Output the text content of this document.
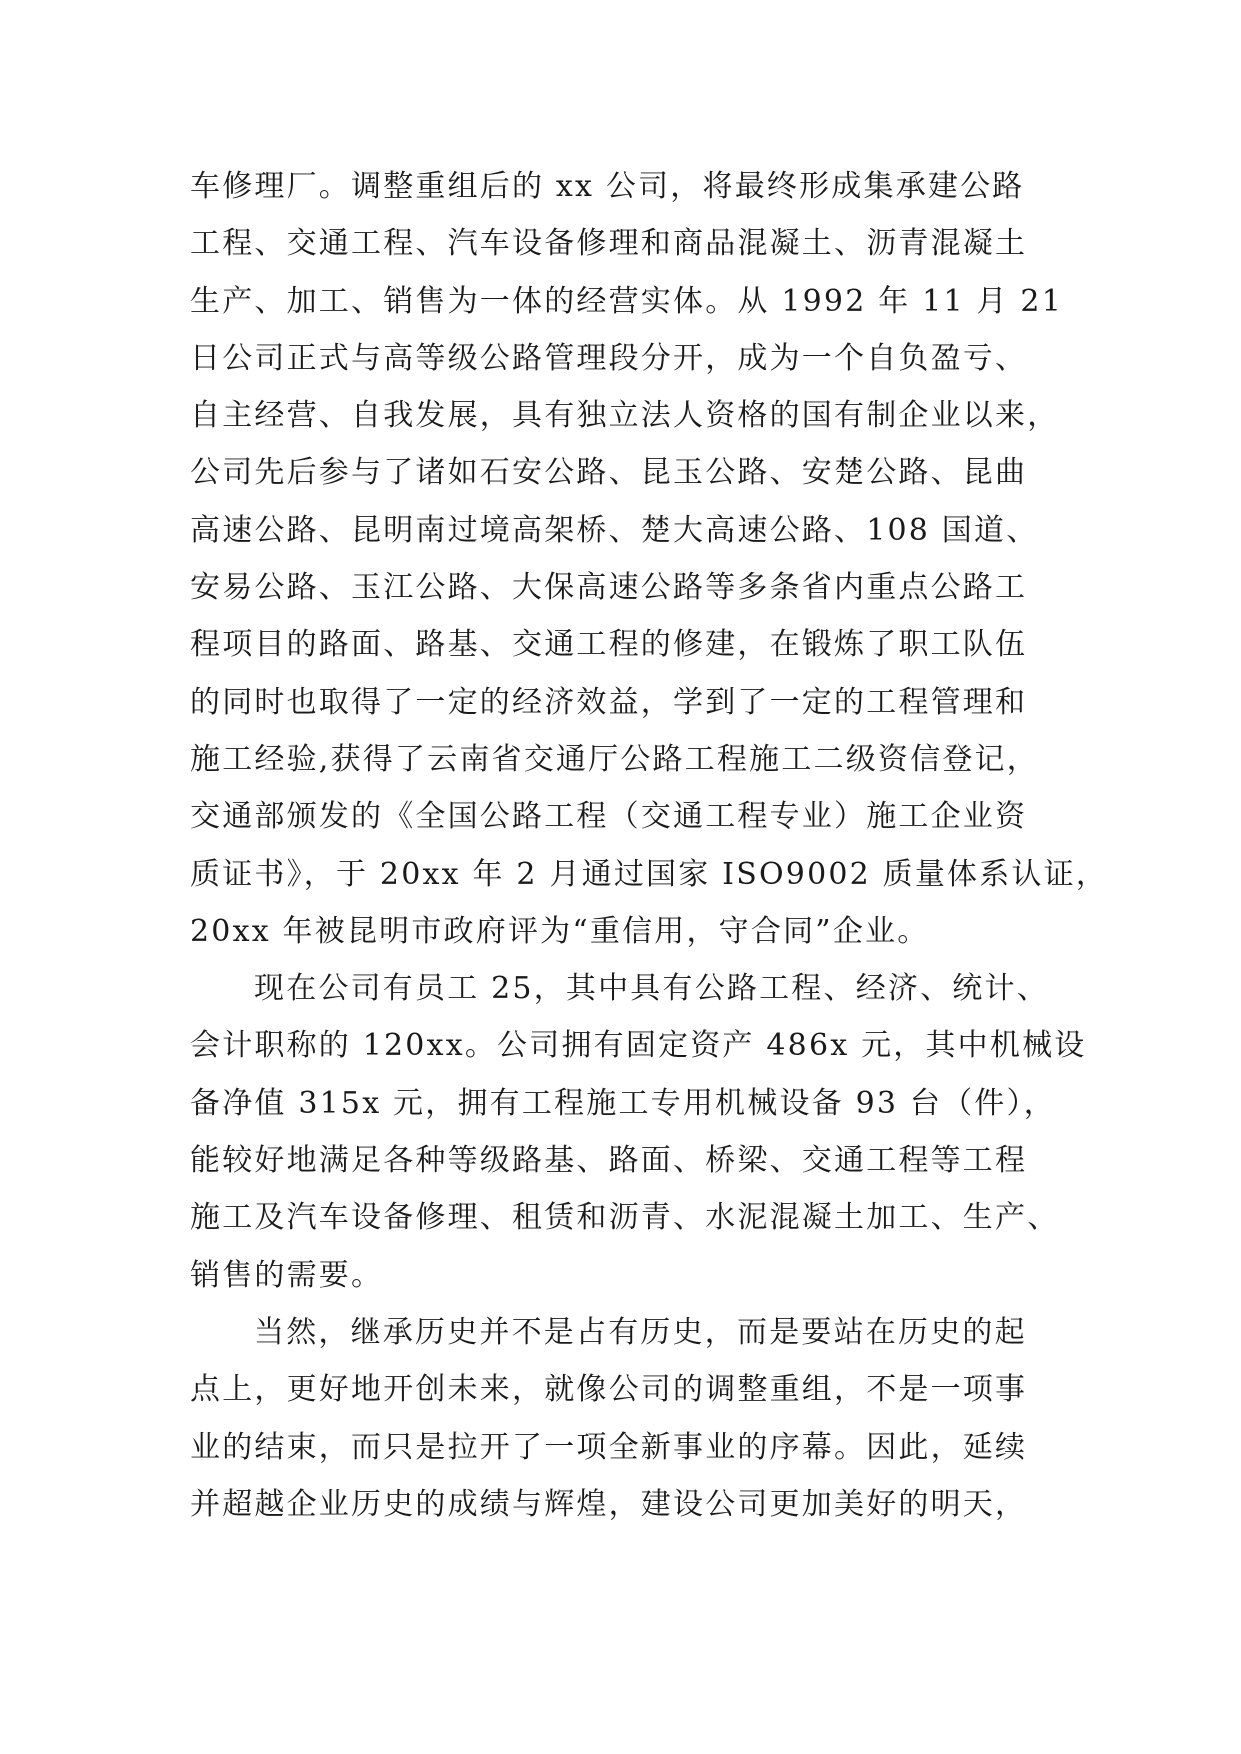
车修理厂。调整重组后的 xx 公司，将最终形成集承建公路
工程、交通工程、汽车设备修理和商品混凝土、沥青混凝土
生产、加工、销售为一体的经营实体。从 1992 年 11 月 21
日公司正式与高等级公路管理段分开，成为一个自负盈亏、
自主经营、自我发展，具有独立法人资格的国有制企业以来，
公司先后参与了诸如石安公路、昆玉公路、安楚公路、昆曲
高速公路、昆明南过境高架桥、楚大高速公路、108 国道、
安易公路、玉江公路、大保高速公路等多条省内重点公路工
程项目的路面、路基、交通工程的修建，在锻炼了职工队伍
的同时也取得了一定的经济效益，学到了一定的工程管理和
施工经验,获得了云南省交通厅公路工程施工二级资信登记，
交通部颁发的《全国公路工程（交通工程专业）施工企业资
质证书》，于 20xx 年 2 月通过国家 ISO9002 质量体系认证，
20xx 年被昆明市政府评为“重信用，守合同”企业。
现在公司有员工 25，其中具有公路工程、经济、统计、
会计职称的 120xx。公司拥有固定资产 486x 元，其中机械设
备净值 315x 元，拥有工程施工专用机械设备 93 台（件），
能较好地满足各种等级路基、路面、桥梁、交通工程等工程
施工及汽车设备修理、租赁和沥青、水泥混凝土加工、生产、
销售的需要。
当然，继承历史并不是占有历史，而是要站在历史的起
点上，更好地开创未来，就像公司的调整重组，不是一项事
业的结束，而只是拉开了一项全新事业的序幕。因此，延续
并超越企业历史的成绩与辉煌，建设公司更加美好的明天，
